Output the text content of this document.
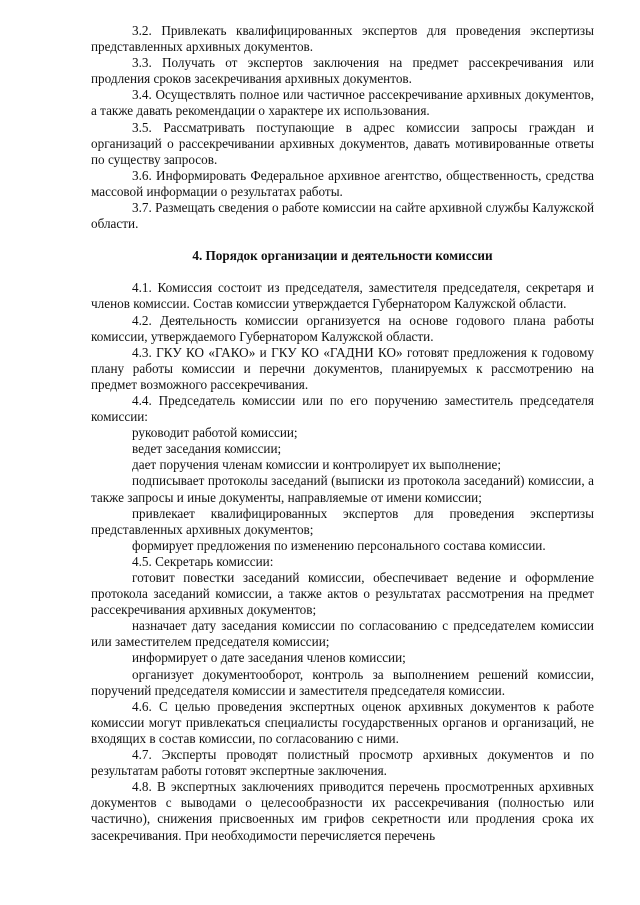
3.2. Привлекать квалифицированных экспертов для проведения экспертизы представленных архивных документов.

3.3. Получать от экспертов заключения на предмет рассекречивания или продления сроков засекречивания архивных документов.

3.4. Осуществлять полное или частичное рассекречивание архивных документов, а также давать рекомендации о характере их использования.

3.5. Рассматривать поступающие в адрес комиссии запросы граждан и организаций о рассекречивании архивных документов, давать мотивированные ответы по существу запросов.

3.6. Информировать Федеральное архивное агентство, общественность, средства массовой информации о результатах работы.

3.7. Размещать сведения о работе комиссии на сайте архивной службы Калужской области.

4. Порядок организации и деятельности комиссии

4.1. Комиссия состоит из председателя, заместителя председателя, секретаря и членов комиссии. Состав комиссии утверждается Губернатором Калужской области.

4.2. Деятельность комиссии организуется на основе годового плана работы комиссии, утверждаемого Губернатором Калужской области.

4.3. ГКУ КО «ГАКО» и ГКУ КО «ГАДНИ КО» готовят предложения к годовому плану работы комиссии и перечни документов, планируемых к рассмотрению на предмет возможного рассекречивания.

4.4. Председатель комиссии или по его поручению заместитель председателя комиссии:

руководит работой комиссии;

ведет заседания комиссии;

дает поручения членам комиссии и контролирует их выполнение;

подписывает протоколы заседаний (выписки из протокола заседаний) комиссии, а также запросы и иные документы, направляемые от имени комиссии;

привлекает квалифицированных экспертов для проведения экспертизы представленных архивных документов;

формирует предложения по изменению персонального состава комиссии.

4.5. Секретарь комиссии:

готовит повестки заседаний комиссии, обеспечивает ведение и оформление протокола заседаний комиссии, а также актов о результатах рассмотрения на предмет рассекречивания архивных документов;

назначает дату заседания комиссии по согласованию с председателем комиссии или заместителем председателя комиссии;

информирует о дате заседания членов комиссии;

организует документооборот, контроль за выполнением решений комиссии, поручений председателя комиссии и заместителя председателя комиссии.

4.6. С целью проведения экспертных оценок архивных документов к работе комиссии могут привлекаться специалисты государственных органов и организаций, не входящих в состав комиссии, по согласованию с ними.

4.7. Эксперты проводят полистный просмотр архивных документов и по результатам работы готовят экспертные заключения.

4.8. В экспертных заключениях приводится перечень просмотренных архивных документов с выводами о целесообразности их рассекречивания (полностью или частично), снижения присвоенных им грифов секретности или продления срока их засекречивания. При необходимости перечисляется перечень
